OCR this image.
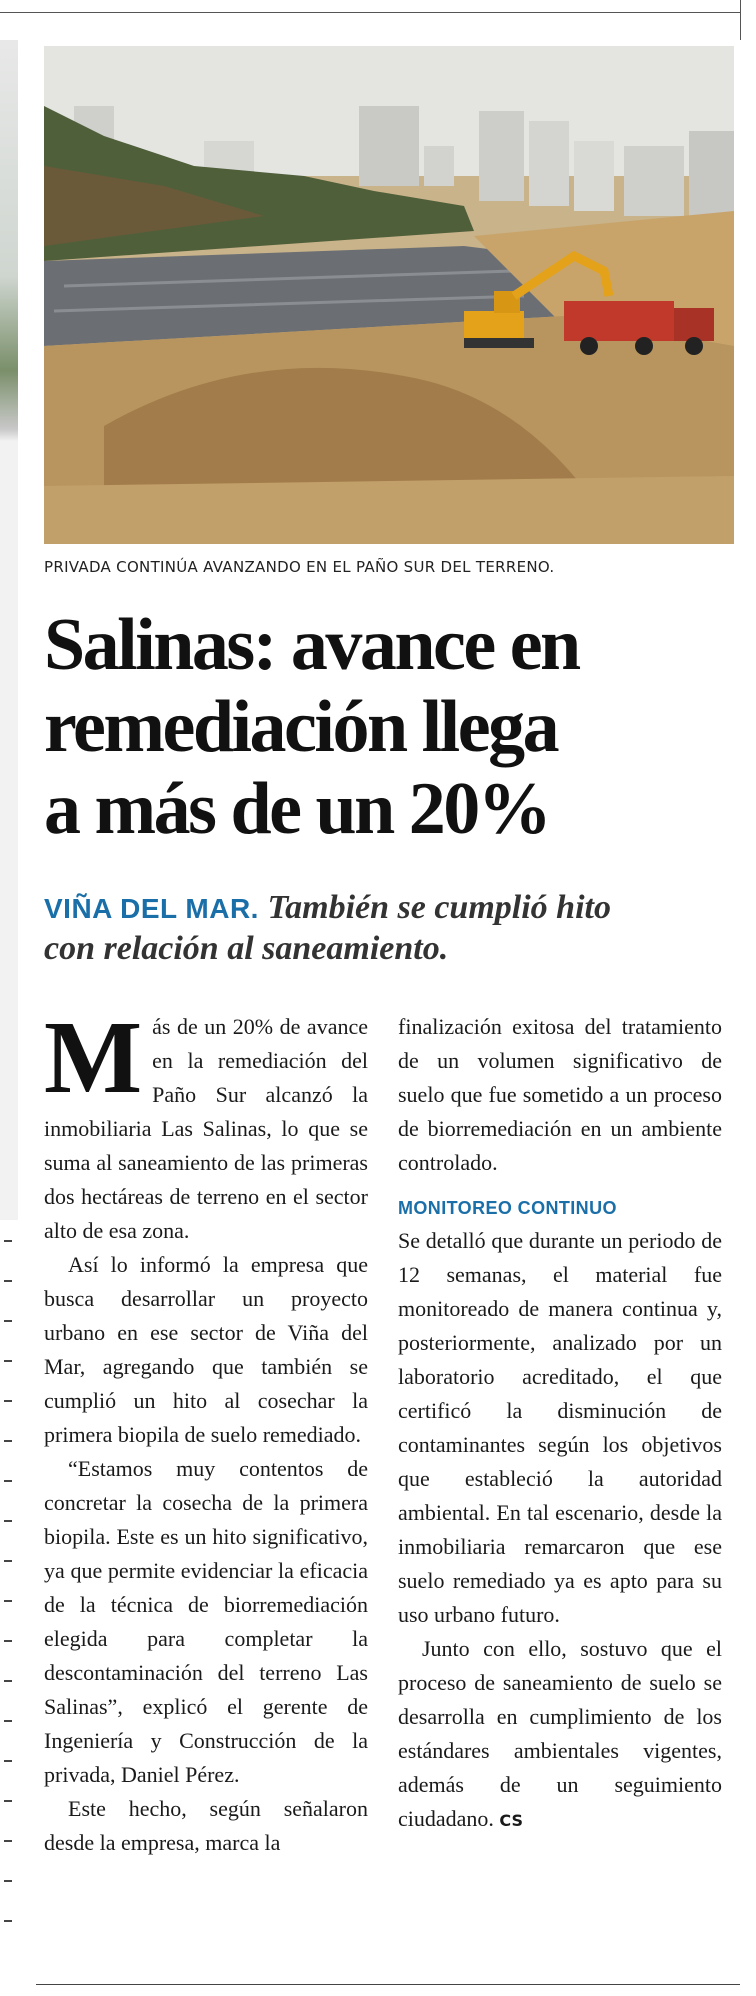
PRIVADA CONTINÚA AVANZANDO EN EL PAÑO SUR DEL TERRENO.
Salinas: avance en
remediación llega
a más de un 20%
VIÑA DEL MAR. También se cumplió hito
con relación al saneamiento.

Más de un 20% de avance en la remediación del Paño Sur alcanzó la inmobiliaria Las Salinas, lo que se suma al saneamiento de las primeras dos hectáreas de terreno en el sector alto de esa zona.

Así lo informó la empresa que busca desarrollar un proyecto urbano en ese sector de Viña del Mar, agregando que también se cumplió un hito al cosechar la primera biopila de suelo remediado.

“Estamos muy contentos de concretar la cosecha de la primera biopila. Este es un hito significativo, ya que permite evidenciar la eficacia de la técnica de biorremediación elegida para completar la descontaminación del terreno Las Salinas”, explicó el gerente de Ingeniería y Construcción de la privada, Daniel Pérez.

Este hecho, según señalaron desde la empresa, marca la

finalización exitosa del tratamiento de un volumen significativo de suelo que fue sometido a un proceso de biorremediación en un ambiente controlado.

MONITOREO CONTINUO

Se detalló que durante un periodo de 12 semanas, el material fue monitoreado de manera continua y, posteriormente, analizado por un laboratorio acreditado, el que certificó la disminución de contaminantes según los objetivos que estableció la autoridad ambiental. En tal escenario, desde la inmobiliaria remarcaron que ese suelo remediado ya es apto para su uso urbano futuro.

Junto con ello, sostuvo que el proceso de saneamiento de suelo se desarrolla en cumplimiento de los estándares ambientales vigentes, además de un seguimiento ciudadano. CS
